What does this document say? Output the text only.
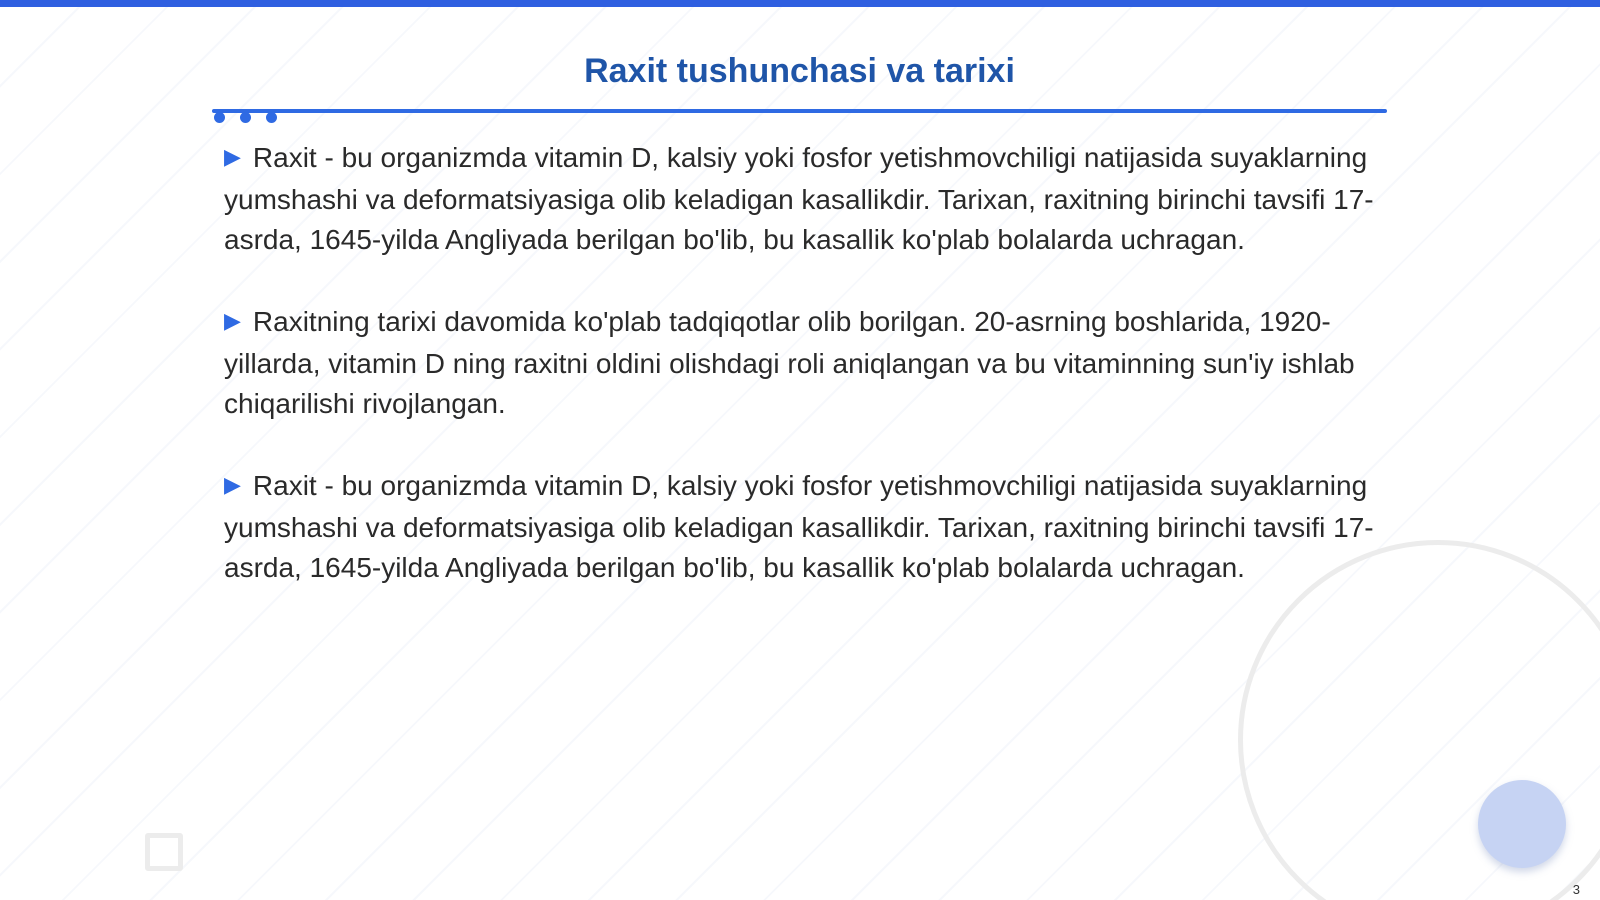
Raxit tushunchasi va tarixi

▶ Raxit - bu organizmda vitamin D, kalsiy yoki fosfor yetishmovchiligi natijasida suyaklarning yumshashi va deformatsiyasiga olib keladigan kasallikdir. Tarixan, raxitning birinchi tavsifi 17-asrda, 1645-yilda Angliyada berilgan bo'lib, bu kasallik ko'plab bolalarda uchragan.

▶ Raxitning tarixi davomida ko'plab tadqiqotlar olib borilgan. 20-asrning boshlarida, 1920-yillarda, vitamin D ning raxitni oldini olishdagi roli aniqlangan va bu vitaminning sun'iy ishlab chiqarilishi rivojlangan.

▶ Raxit - bu organizmda vitamin D, kalsiy yoki fosfor yetishmovchiligi natijasida suyaklarning yumshashi va deformatsiyasiga olib keladigan kasallikdir. Tarixan, raxitning birinchi tavsifi 17-asrda, 1645-yilda Angliyada berilgan bo'lib, bu kasallik ko'plab bolalarda uchragan.

3
